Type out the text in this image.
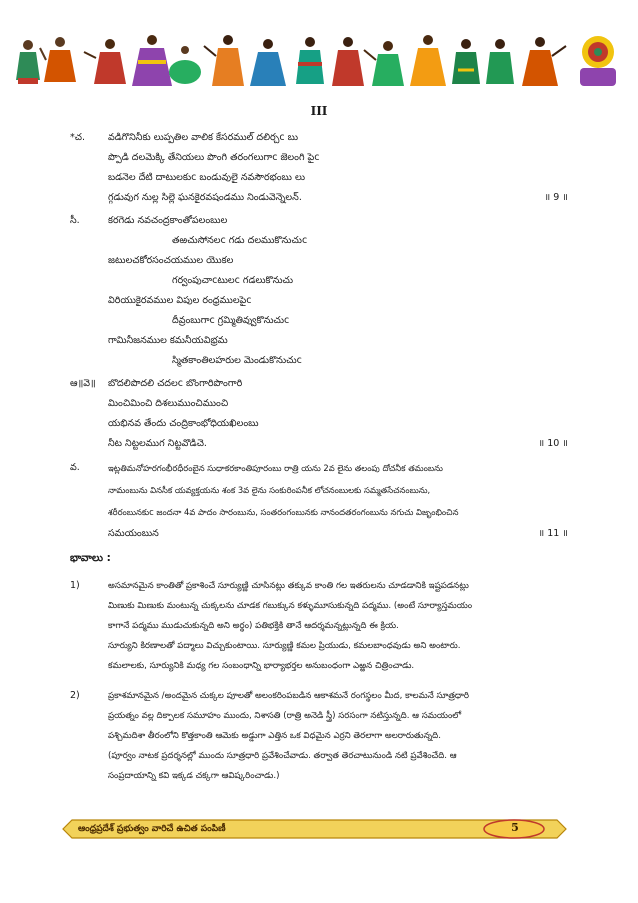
III
*చ. వడిగొనినీకు లుప్పతిల వాలిక కేసరముల్ దలిర్చc బు
ప్పొడి దలమెక్కి తేనియలు పొంగి తరంగలుగాc జెలంగి పైc
బడనెల దేటి దాటులకుc బండువులై నవసౌరభంబు లు
గ్గడువుగ నుల్ల సిల్లె ఘనకైరవషండము నిండువెన్నెలన్.	॥ 9 ॥
సీ.	కరగెడు నవచంద్రకాంతోపలంబుల
తఱచుసోనలc గడు దలముకొనుచుc
జటులచకోరసంచయముల యొకల
గర్వంపుచాcటులc గడలుకొనుచు
విరియుకైరవముల విపుల రంధ్రములపైc
దీవ్రంబుగాc గ్రమ్మితివ్వుకొనుచుc
గామినీజనముల కమనీయవిభ్రమ
స్మితకాంతిలహరుల మెండుకొనుచుc
ఆ॥వె॥ బొదలిపొదలి చదలc బొంగారిపొంగారి
మించిమించి దిశలుముంచిముంచి
యభినవ తేందు చంద్రికాంభోధియఖిలంబు
నీట నిట్టలముగ నిట్టవొడిచె.	॥ 10 ॥
వ.	ఇట్లతిమనోహరగంభీరధీరంబైన సుధాకరకాంతిపూరంబు రాత్రి యను 2వ లైను తలంపు దోచనీక తమంబను
నామంబును వినసీక యవ్యక్తయను శంక 3వ లైను సంకురింపనీక లోచనంబులకు సమ్మతసేచనంబును,
శరీరంబునకుc జందనా 4వ పాదం సారంబును, సంతరంగంబునకు నానందతరంగంబును నగుచు విజృంభించిన
సమయంబున	॥ 11 ॥
భావాలు :
1)	అసమానమైన కాంతితో ప్రకాశించే సూర్యుణ్ణి చూసినట్లు తక్కువ కాంతి గల ఇతరులను చూడడానికి ఇష్టపడనట్లు
మిణుకు మిణుకు మంటున్న చుక్కలను చూడక గబుక్కున కళ్ళుమూసుకున్నది పద్మము. (అంటే సూర్యాస్తమయం
కాగానే పద్మము ముడుచుకున్నది అని అర్థం) పతిభక్తికి తానే ఆదర్శమన్నట్లున్నది ఈ క్రియ.
సూర్యుని కిరణాలతో పద్మాలు విచ్చుకుంటాయి. సూర్యుణ్ణి కమల ప్రియుడు, కమలబాంధవుడు అని అంటారు.
కమలాలకు, సూర్యునికి మధ్య గల సంబంధాన్ని భార్యాభర్తల అనుబంధంగా ఎఱ్ఱన చిత్రించాడు.
2)	ప్రకాశమానమైన /అందమైన చుక్కల పూలతో అలంకరింపబడిన ఆకాశమనే రంగస్థలం మీద, కాలమనే సూత్రధారి
ప్రయత్నం వల్ల దిక్పాలక సమూహం ముందు, నిశాసతి (రాత్రి అనెడి స్త్రీ) సరసంగా నటిస్తున్నది. ఆ సమయంలో
పశ్చిమదిశా తీరంలోని కొత్తకాంతి ఆమెకు అడ్డుగా ఎత్తిన ఒక విధమైన ఎర్రని తెరలాగా అలరారుతున్నది.
(పూర్వం నాటక ప్రదర్శనల్లో ముందు సూత్రధారి ప్రవేశించేవాడు. తర్వాత తెరచాటునుండి నటి ప్రవేశించేది. ఆ
సంప్రదాయాన్ని కవి ఇక్కడ చక్కగా ఆవిష్కరించాడు.)
ఆంధ్రప్రదేశ్ ప్రభుత్వం వారిచే ఉచిత పంపిణీ	5
